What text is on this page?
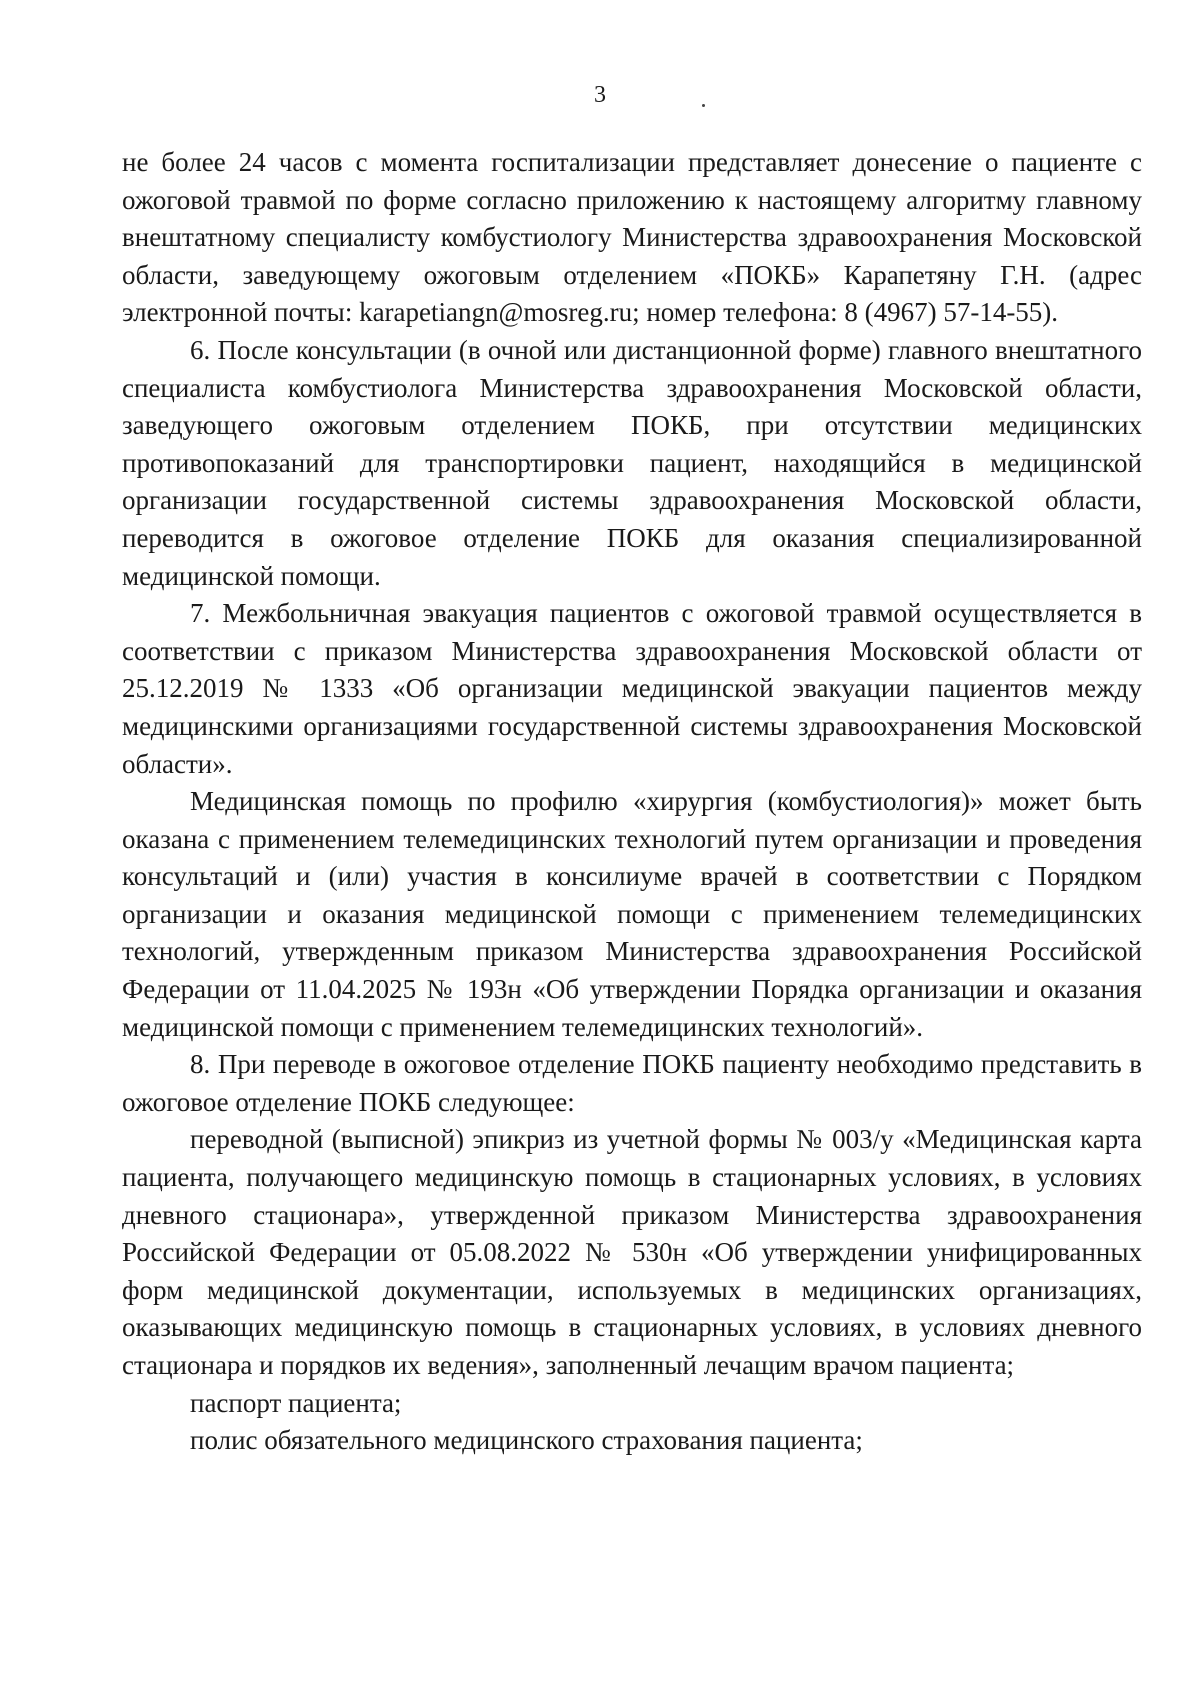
3

не более 24 часов с момента госпитализации представляет донесение о пациенте с ожоговой травмой по форме согласно приложению к настоящему алгоритму главному внештатному специалисту комбустиологу Министерства здравоохранения Московской области, заведующему ожоговым отделением «ПОКБ» Карапетяну Г.Н. (адрес электронной почты: karapetiangn@mosreg.ru; номер телефона: 8 (4967) 57-14-55).

6. После консультации (в очной или дистанционной форме) главного внештатного специалиста комбустиолога Министерства здравоохранения Московской области, заведующего ожоговым отделением ПОКБ, при отсутствии медицинских противопоказаний для транспортировки пациент, находящийся в медицинской организации государственной системы здравоохранения Московской области, переводится в ожоговое отделение ПОКБ для оказания специализированной медицинской помощи.

7. Межбольничная эвакуация пациентов с ожоговой травмой осуществляется в соответствии с приказом Министерства здравоохранения Московской области от 25.12.2019 № 1333 «Об организации медицинской эвакуации пациентов между медицинскими организациями государственной системы здравоохранения Московской области».

Медицинская помощь по профилю «хирургия (комбустиология)» может быть оказана с применением телемедицинских технологий путем организации и проведения консультаций и (или) участия в консилиуме врачей в соответствии с Порядком организации и оказания медицинской помощи с применением телемедицинских технологий, утвержденным приказом Министерства здравоохранения Российской Федерации от 11.04.2025 № 193н «Об утверждении Порядка организации и оказания медицинской помощи с применением телемедицинских технологий».

8. При переводе в ожоговое отделение ПОКБ пациенту необходимо представить в ожоговое отделение ПОКБ следующее:

переводной (выписной) эпикриз из учетной формы № 003/у «Медицинская карта пациента, получающего медицинскую помощь в стационарных условиях, в условиях дневного стационара», утвержденной приказом Министерства здравоохранения Российской Федерации от 05.08.2022 № 530н «Об утверждении унифицированных форм медицинской документации, используемых в медицинских организациях, оказывающих медицинскую помощь в стационарных условиях, в условиях дневного стационара и порядков их ведения», заполненный лечащим врачом пациента;

паспорт пациента;

полис обязательного медицинского страхования пациента;
